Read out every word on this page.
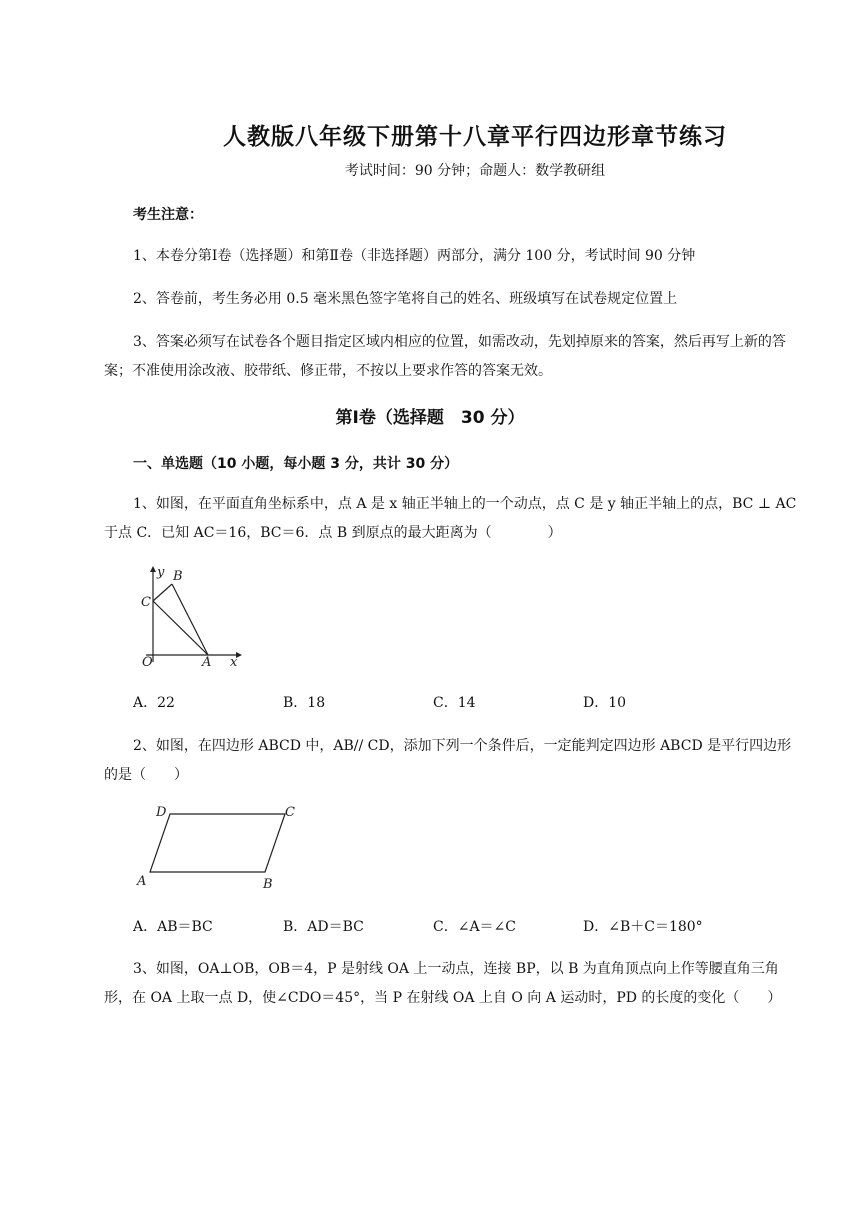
人教版八年级下册第十八章平行四边形章节练习
考试时间：90 分钟；命题人：数学教研组
考生注意：
1、本卷分第Ⅰ卷（选择题）和第Ⅱ卷（非选择题）两部分，满分 100 分，考试时间 90 分钟
2、答卷前，考生务必用 0.5 毫米黑色签字笔将自己的姓名、班级填写在试卷规定位置上
3、答案必须写在试卷各个题目指定区域内相应的位置，如需改动，先划掉原来的答案，然后再写上新的答案；不准使用涂改液、胶带纸、修正带，不按以上要求作答的答案无效。
第Ⅰ卷（选择题　30 分）
一、单选题（10 小题，每小题 3 分，共计 30 分）
1、如图，在平面直角坐标系中，点 A 是 x 轴正半轴上的一个动点，点 C 是 y 轴正半轴上的点，BC ⊥ AC 于点 C．已知 AC＝16，BC＝6．点 B 到原点的最大距离为（　　　　）
y B
C
O	A x
A．22	B．18	C．14	D．10
2、如图，在四边形 ABCD 中，AB// CD，添加下列一个条件后，一定能判定四边形 ABCD 是平行四边形的是（　　）
D	C
A	B
A．AB＝BC	B．AD＝BC	C．∠A＝∠C	D．∠B＋C＝180°
3、如图，OA⊥OB，OB＝4，P 是射线 OA 上一动点，连接 BP，以 B 为直角顶点向上作等腰直角三角形，在 OA 上取一点 D，使∠CDO＝45°，当 P 在射线 OA 上自 O 向 A 运动时，PD 的长度的变化（　　）
